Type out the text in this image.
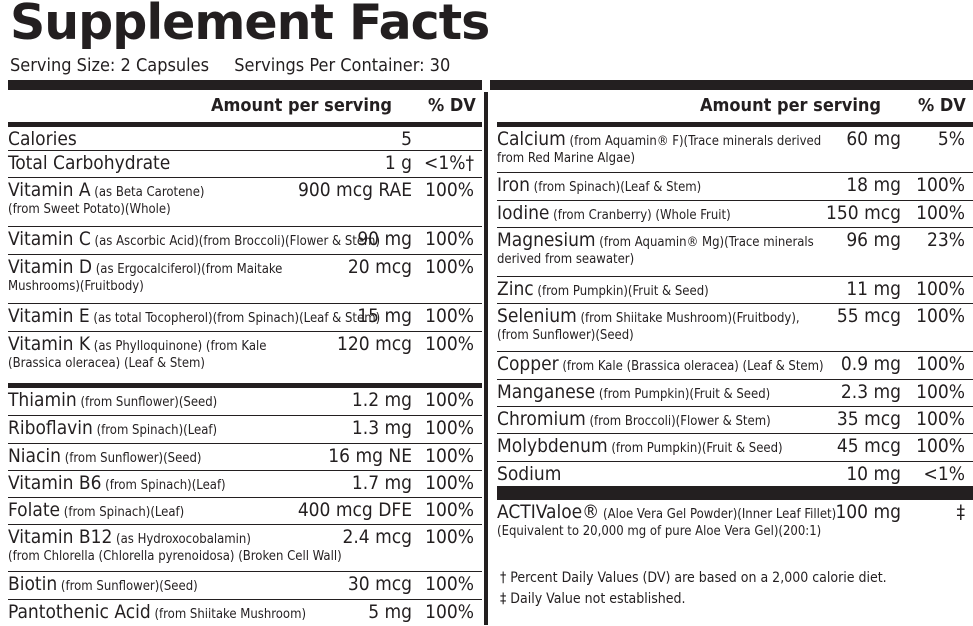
Supplement Facts
Serving Size: 2 Capsules Servings Per Container: 30
Amount per serving % DV	Amount per serving % DV
Calories	5
Total Carbohydrate	1 g <1%†
Vitamin A (as Beta Carotene)
(from Sweet Potato)(Whole)
900 mcg RAE 100%
Vitamin C (as Ascorbic Acid)(from Broccoli)(Flower & Stem)
90 mg 100%
Vitamin D (as Ergocalciferol)(from Maitake
Mushrooms)(Fruitbody)
20 mcg 100%
Vitamin E (as total Tocopherol)(from Spinach)(Leaf & Stem)
15 mg 100%
Vitamin K (as Phylloquinone) (from Kale
(Brassica oleracea) (Leaf & Stem)
120 mcg 100%
Thiamin (from Sunflower)(Seed)	1.2 mg 100%
Riboflavin (from Spinach)(Leaf)	1.3 mg 100%
Niacin (from Sunflower)(Seed)	16 mg NE 100%
Vitamin B6 (from Spinach)(Leaf)	1.7 mg 100%
Folate (from Spinach)(Leaf)	400 mcg DFE 100%
Vitamin B12 (as Hydroxocobalamin)
(from Chlorella (Chlorella pyrenoidosa) (Broken Cell Wall)
2.4 mcg 100%
Biotin (from Sunflower)(Seed)	30 mcg 100%
Pantothenic Acid (from Shiitake Mushroom)	5 mg 100%
Calcium (from Aquamin® F)(Trace minerals derived
from Red Marine Algae)
60 mg 5%
Iron (from Spinach)(Leaf & Stem)	18 mg 100%
Iodine (from Cranberry) (Whole Fruit)	150 mcg 100%
Magnesium (from Aquamin® Mg)(Trace minerals
derived from seawater)
96 mg 23%
Zinc (from Pumpkin)(Fruit & Seed)	11 mg 100%
Selenium (from Shiitake Mushroom)(Fruitbody),
(from Sunflower)(Seed)
55 mcg 100%
Copper (from Kale (Brassica oleracea) (Leaf & Stem) 0.9 mg 100%
Manganese (from Pumpkin)(Fruit & Seed)	2.3 mg 100%
Chromium (from Broccoli)(Flower & Stem)	35 mcg 100%
Molybdenum (from Pumpkin)(Fruit & Seed)	45 mcg 100%
Sodium	10 mg <1%
ACTIValoe® (Aloe Vera Gel Powder)(Inner Leaf Fillet)
(Equivalent to 20,000 mg of pure Aloe Vera Gel)(200:1)
100 mg	‡
† Percent Daily Values (DV) are based on a 2,000 calorie diet.
‡ Daily Value not established.
